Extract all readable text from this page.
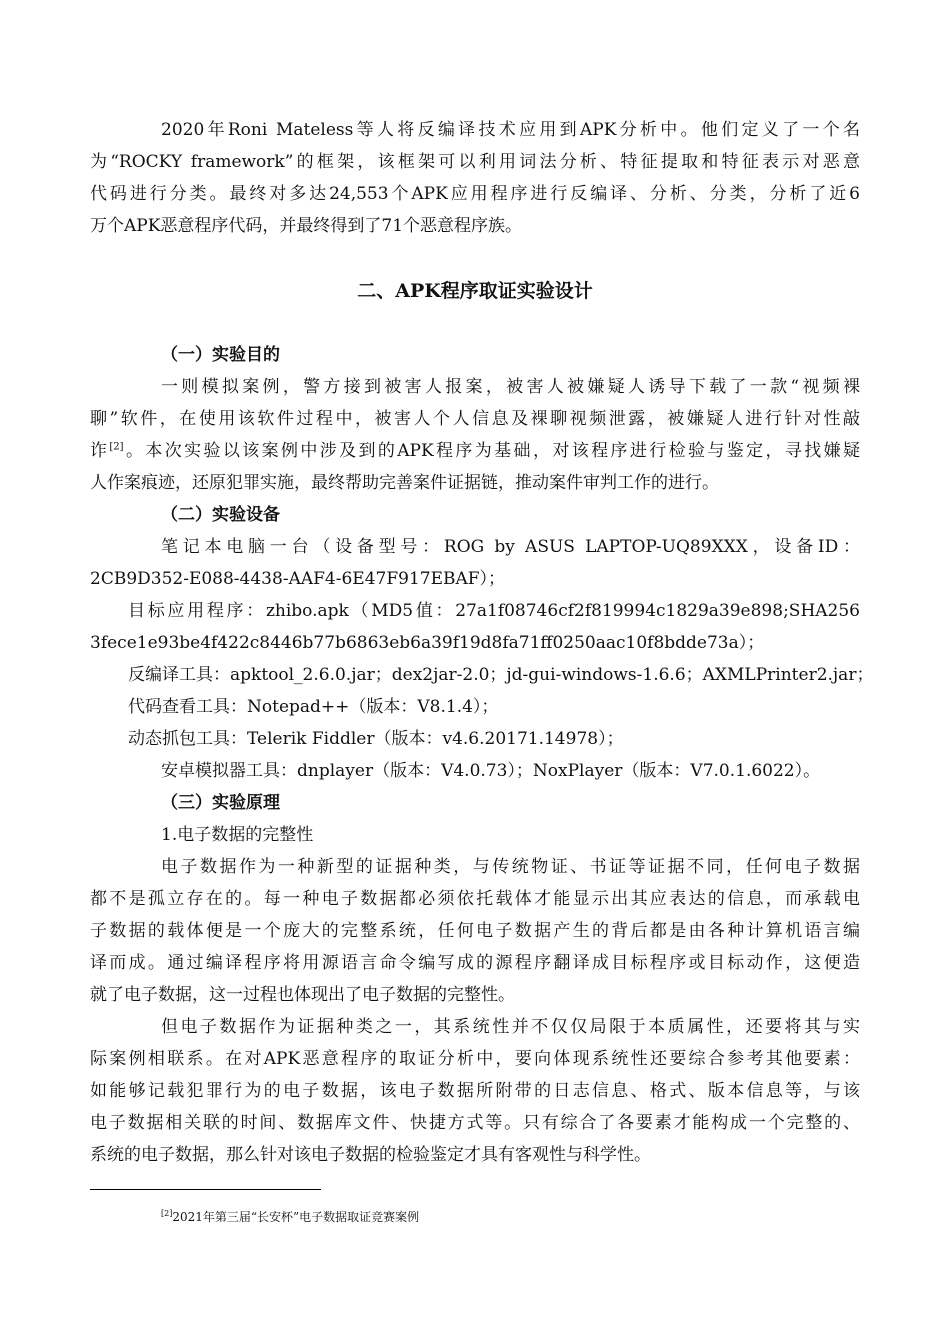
2020年Roni Mateless等人将反编译技术应用到APK分析中。他们定义了一个名
为“ROCKY framework”的框架，该框架可以利用词法分析、特征提取和特征表示对恶意
代码进行分类。最终对多达24,553个APK应用程序进行反编译、分析、分类，分析了近6
万个APK恶意程序代码，并最终得到了71个恶意程序族。
二、APK程序取证实验设计
（一）实验目的
一则模拟案例，警方接到被害人报案，被害人被嫌疑人诱导下载了一款“视频裸
聊”软件，在使用该软件过程中，被害人个人信息及裸聊视频泄露，被嫌疑人进行针对性敲
诈[2]。本次实验以该案例中涉及到的APK程序为基础，对该程序进行检验与鉴定，寻找嫌疑
人作案痕迹，还原犯罪实施，最终帮助完善案件证据链，推动案件审判工作的进行。
（二）实验设备
笔记本电脑一台（设备型号：ROG by ASUS LAPTOP-UQ89XXX，设备ID：
2CB9D352-E088-4438-AAF4-6E47F917EBAF）；
目标应用程序：zhibo.apk（MD5值：27a1f08746cf2f819994c1829a39e898;SHA256
3fece1e93be4f422c8446b77b6863eb6a39f19d8fa71ff0250aac10f8bdde73a）；
反编译工具：apktool_2.6.0.jar；dex2jar-2.0；jd-gui-windows-1.6.6；AXMLPrinter2.jar；
代码查看工具：Notepad++（版本：V8.1.4）；
动态抓包工具：Telerik Fiddler（版本：v4.6.20171.14978）；
安卓模拟器工具：dnplayer（版本：V4.0.73）；NoxPlayer（版本：V7.0.1.6022）。
（三）实验原理
1.电子数据的完整性
电子数据作为一种新型的证据种类，与传统物证、书证等证据不同，任何电子数据
都不是孤立存在的。每一种电子数据都必须依托载体才能显示出其应表达的信息，而承载电
子数据的载体便是一个庞大的完整系统，任何电子数据产生的背后都是由各种计算机语言编
译而成。通过编译程序将用源语言命令编写成的源程序翻译成目标程序或目标动作，这便造
就了电子数据，这一过程也体现出了电子数据的完整性。
但电子数据作为证据种类之一，其系统性并不仅仅局限于本质属性，还要将其与实
际案例相联系。在对APK恶意程序的取证分析中，要向体现系统性还要综合参考其他要素：
如能够记载犯罪行为的电子数据，该电子数据所附带的日志信息、格式、版本信息等，与该
电子数据相关联的时间、数据库文件、快捷方式等。只有综合了各要素才能构成一个完整的、
系统的电子数据，那么针对该电子数据的检验鉴定才具有客观性与科学性。
[2]2021年第三届“长安杯”电子数据取证竞赛案例
